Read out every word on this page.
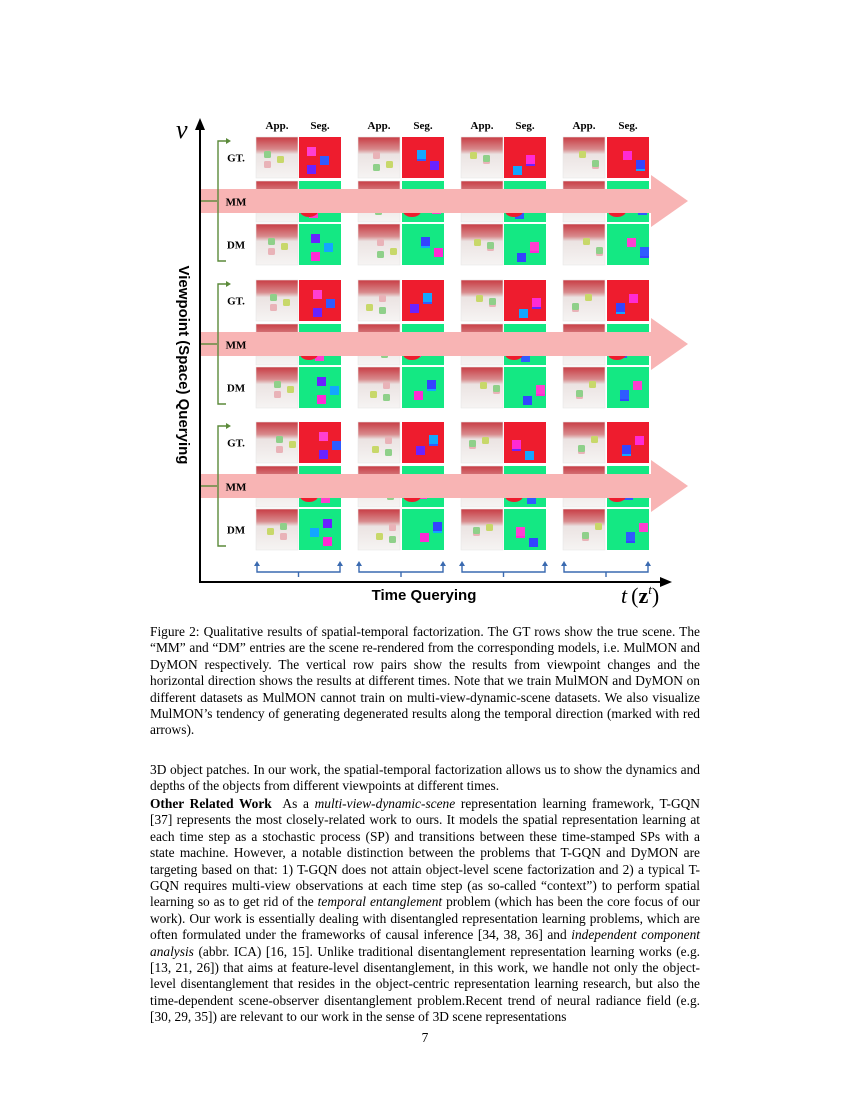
v
Viewpoint (Space) Querying
Time Querying	t $(z^t)$
App. Seg.	App. Seg.	App. Seg.	App. Seg.
GT.
MM
DM
GT.
MM
DM
GT.
MM
DM
Figure 2: Qualitative results of spatial-temporal factorization. The GT rows show the true scene. The “MM” and “DM” entries are the scene re-rendered from the corresponding models, i.e. MulMON and DyMON respectively. The vertical row pairs show the results from viewpoint changes and the horizontal direction shows the results at different times. Note that we train MulMON and DyMON on different datasets as MulMON cannot train on multi-view-dynamic-scene datasets. We also visualize MulMON’s tendency of generating degenerated results along the temporal direction (marked with red arrows).

3D object patches. In our work, the spatial-temporal factorization allows us to show the dynamics and depths of the objects from different viewpoints at different times.

Other Related Work As a multi-view-dynamic-scene representation learning framework, T-GQN [37] represents the most closely-related work to ours. It models the spatial representation learning at each time step as a stochastic process (SP) and transitions between these time-stamped SPs with a state machine. However, a notable distinction between the problems that T-GQN and DyMON are targeting based on that: 1) T-GQN does not attain object-level scene factorization and 2) a typical T-GQN requires multi-view observations at each time step (as so-called “context”) to perform spatial learning so as to get rid of the temporal entanglement problem (which has been the core focus of our work). Our work is essentially dealing with disentangled representation learning problems, which are often formulated under the frameworks of causal inference [34, 38, 36] and independent component analysis (abbr. ICA) [16, 15]. Unlike traditional disentanglement representation learning works (e.g. [13, 21, 26]) that aims at feature-level disentanglement, in this work, we handle not only the object-level disentanglement that resides in the object-centric representation learning research, but also the time-dependent scene-observer disentanglement problem.Recent trend of neural radiance field (e.g. [30, 29, 35]) are relevant to our work in the sense of 3D scene representations

7
